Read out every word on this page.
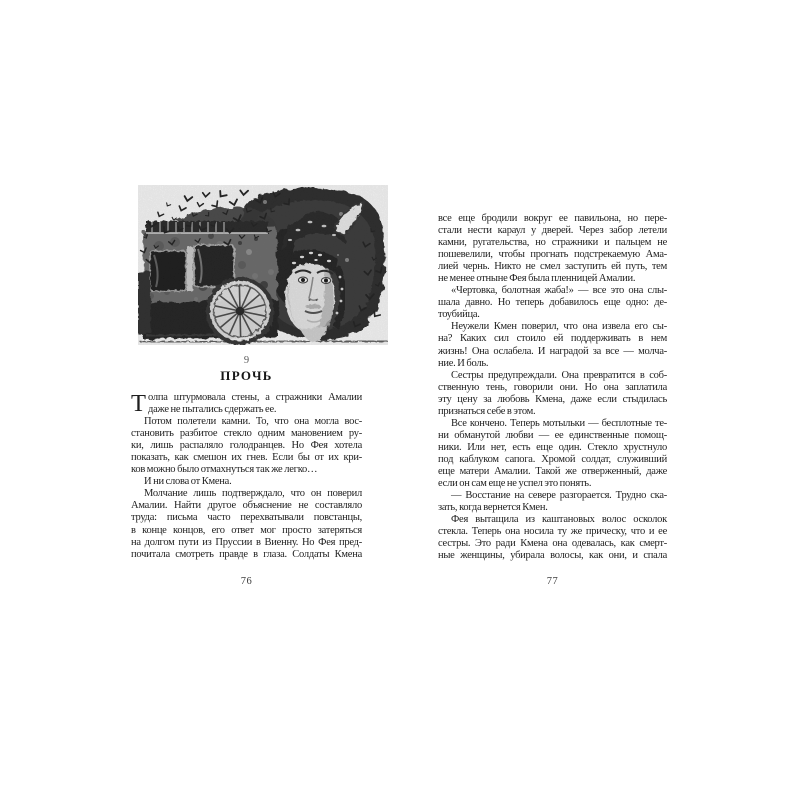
9
ПРОЧЬ
Т олпа штурмовала стены, а стражники Амалии
даже не пытались сдержать ее.
Потом полетели камни. То, что она могла вос-
становить разбитое стекло одним мановением ру-
ки, лишь распаляло голодранцев. Но Фея хотела
показать, как смешон их гнев. Если бы от их кри-
ков можно было отмахнуться так же легко…
И ни слова от Кмена.
Молчание лишь подтверждало, что он поверил
Амалии. Найти другое объяснение не составляло
труда: письма часто перехватывали повстанцы,
в конце концов, его ответ мог просто затеряться
на долгом пути из Пруссии в Виенну. Но Фея пред-
почитала смотреть правде в глаза. Солдаты Кмена
76
все еще бродили вокруг ее павильона, но пере-
стали нести караул у дверей. Через забор летели
камни, ругательства, но стражники и пальцем не
пошевелили, чтобы прогнать подстрекаемую Ама-
лией чернь. Никто не смел заступить ей путь, тем
не менее отныне Фея была пленницей Амалии.
«Чертовка, болотная жаба!» — все это она слы-
шала давно. Но теперь добавилось еще одно: де-
тоубийца.
Неужели Кмен поверил, что она извела его сы-
на? Каких сил стоило ей поддерживать в нем
жизнь! Она ослабела. И наградой за все — молча-
ние. И боль.
Сестры предупреждали. Она превратится в соб-
ственную тень, говорили они. Но она заплатила
эту цену за любовь Кмена, даже если стыдилась
признаться себе в этом.
Все кончено. Теперь мотыльки — бесплотные те-
ни обманутой любви — ее единственные помощ-
ники. Или нет, есть еще один. Стекло хрустнуло
под каблуком сапога. Хромой солдат, служивший
еще матери Амалии. Такой же отверженный, даже
если он сам еще не успел это понять.
— Восстание на севере разгорается. Трудно ска-
зать, когда вернется Кмен.
Фея вытащила из каштановых волос осколок
стекла. Теперь она носила ту же прическу, что и ее
сестры. Это ради Кмена она одевалась, как смерт-
ные женщины, убирала волосы, как они, и спала
77
